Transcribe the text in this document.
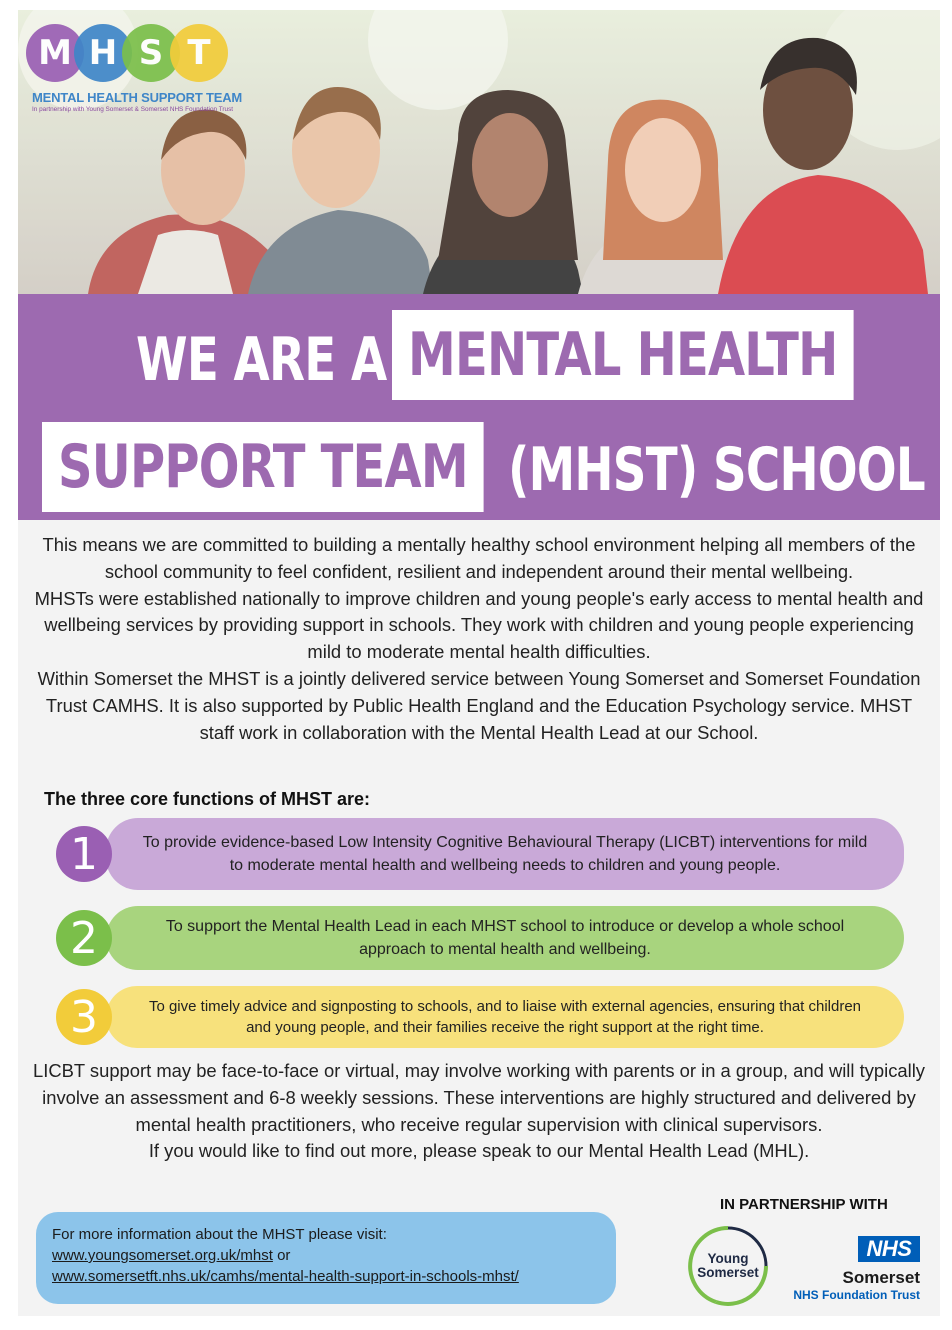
M H S T
MENTAL HEALTH SUPPORT TEAM
In partnership with Young Somerset & Somerset NHS Foundation Trust
WE ARE A MENTAL HEALTH
SUPPORT TEAM (MHST) SCHOOL

This means we are committed to building a mentally healthy school environment helping all members of the school community to feel confident, resilient and independent around their mental wellbeing.

MHSTs were established nationally to improve children and young people's early access to mental health and wellbeing services by providing support in schools. They work with children and young people experiencing mild to moderate mental health difficulties.

Within Somerset the MHST is a jointly delivered service between Young Somerset and Somerset Foundation Trust CAMHS. It is also supported by Public Health England and the Education Psychology service. MHST staff work in collaboration with the Mental Health Lead at our School.

The three core functions of MHST are:
To provide evidence-based Low Intensity Cognitive Behavioural Therapy (LICBT) interventions for mild to moderate mental health and wellbeing needs to children and young people.
1
To support the Mental Health Lead in each MHST school to introduce or develop a whole school approach to mental health and wellbeing.
2
To give timely advice and signposting to schools, and to liaise with external agencies, ensuring that children and young people, and their families receive the right support at the right time.
3

LICBT support may be face-to-face or virtual, may involve working with parents or in a group, and will typically involve an assessment and 6-8 weekly sessions. These interventions are highly structured and delivered by mental health practitioners, who receive regular supervision with clinical supervisors.

If you would like to find out more, please speak to our Mental Health Lead (MHL).

IN PARTNERSHIP WITH
For more information about the MHST please visit:
www.youngsomerset.org.uk/mhst or
www.somersetft.nhs.uk/camhs/mental-health-support-in-schools-mhst/
Young
Somerset
NHS
Somerset
NHS Foundation Trust
